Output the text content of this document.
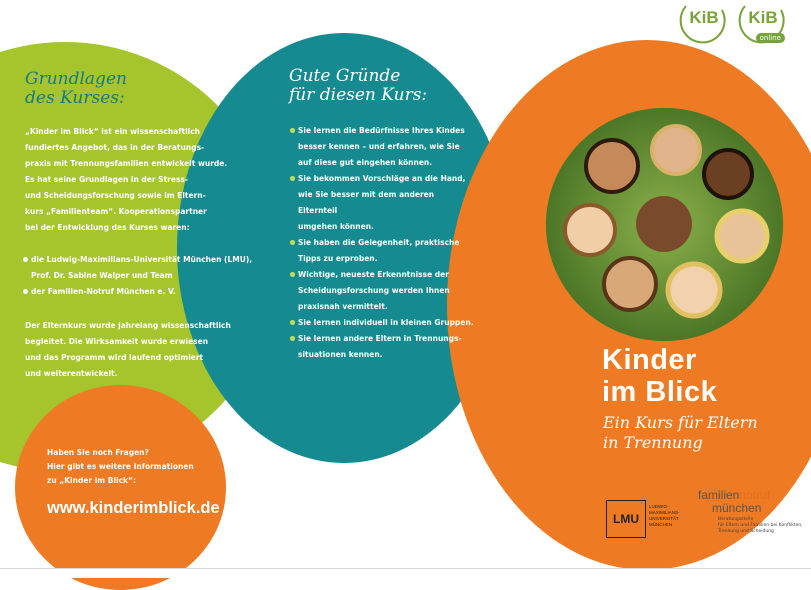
KiB	KiB
online
Grundlagen
des Kurses:
„Kinder im Blick“ ist ein wissenschaftlich
fundiertes Angebot, das in der Beratungs-
praxis mit Trennungsfamilien entwickelt wurde.
Es hat seine Grundlagen in der Stress-
und Scheidungsforschung sowie im Eltern-
kurs „Familienteam“. Kooperationspartner
bei der Entwicklung des Kurses waren:
die Ludwig-Maximilians-Universität München (LMU),
Prof. Dr. Sabine Walper und Team
der Familien-Notruf München e. V.
Der Elternkurs wurde jahrelang wissenschaftlich
begleitet. Die Wirksamkeit wurde erwiesen
und das Programm wird laufend optimiert
und weiterentwickelt.
Gute Gründe
für diesen Kurs:
Sie lernen die Bedürfnisse Ihres Kindes
besser kennen – und erfahren, wie Sie
auf diese gut eingehen können.
Sie bekommen Vorschläge an die Hand,
wie Sie besser mit dem anderen Elternteil
umgehen können.
Sie haben die Gelegenheit, praktische
Tipps zu erproben.
Wichtige, neueste Erkenntnisse der
Scheidungsforschung werden Ihnen
praxisnah vermittelt.
Sie lernen individuell in kleinen Gruppen.
Sie lernen andere Eltern in Trennungs-
situationen kennen.
Haben Sie noch Fragen?
Hier gibt es weitere Informationen
zu „Kinder im Blick“:
www.kinderimblick.de
Kinder
im Blick
Ein Kurs für Eltern
in Trennung
LMU
LUDWIG-
MAXIMILIANS-
UNIVERSITÄT
MÜNCHEN
familiennotruf
münchen
Beratungsstelle
für Eltern und Familien bei Konflikten,
Trennung und Scheidung
